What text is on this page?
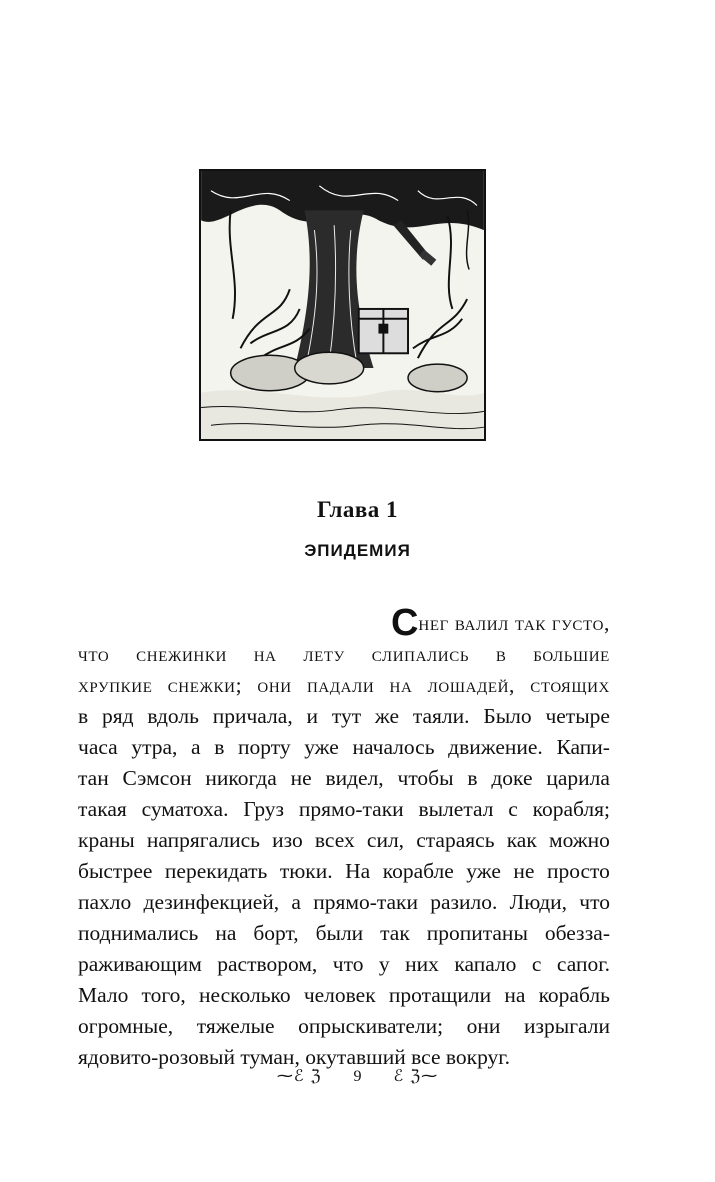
Глава 1
ЭПИДЕМИЯ
С нег валил так густо,
что снежинки на лету слипались в большие
хрупкие снежки; они падали на лошадей, стоящих
в ряд вдоль причала, и тут же таяли. Было четыре
часа утра, а в порту уже началось движение. Капи-
тан Сэмсон никогда не видел, чтобы в доке царила
такая суматоха. Груз прямо-таки вылетал с корабля;
краны напрягались изо всех сил, стараясь как можно
быстрее перекидать тюки. На корабле уже не просто
пахло дезинфекцией, а прямо-таки разило. Люди, что
поднимались на борт, были так пропитаны обезза-
раживающим раствором, что у них капало с сапог.
Мало того, несколько человек протащили на корабль
огромные, тяжелые опрыскиватели; они изрыгали
ядовито-розовый туман, окутавший все вокруг.
⁓ℰ ℨ 9 ℰ ℨ⁓
